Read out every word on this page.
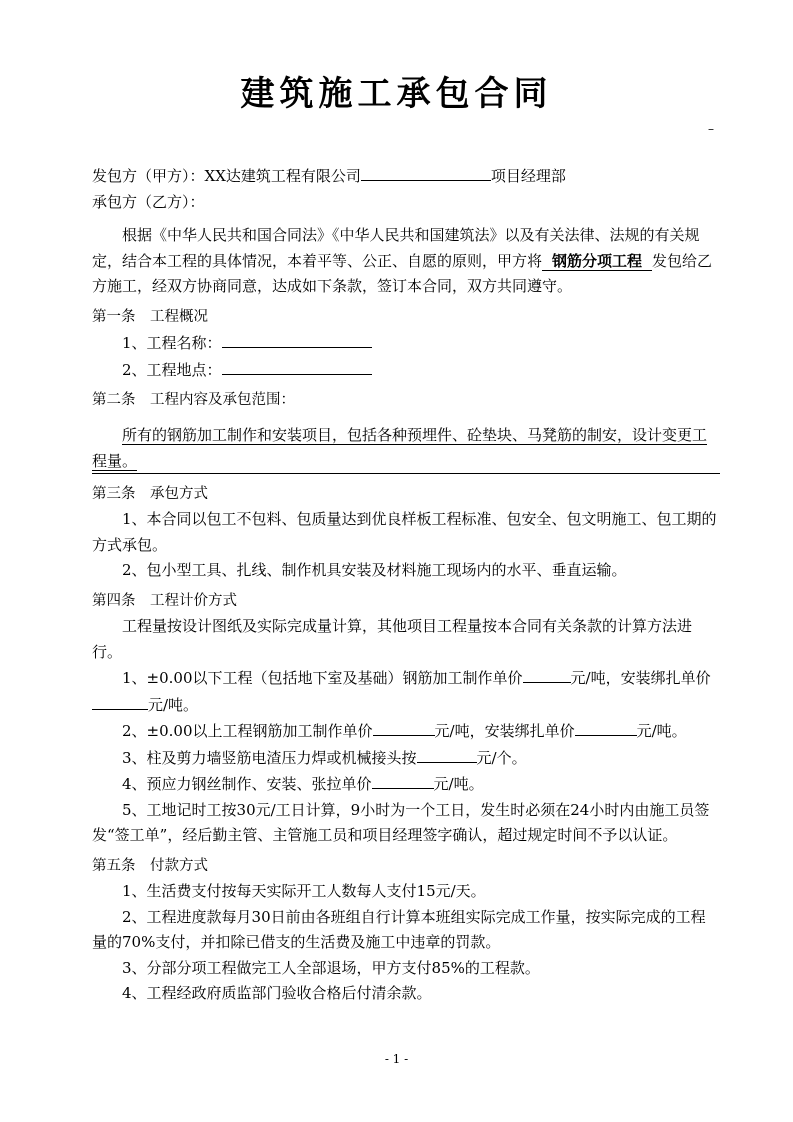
建筑施工承包合同
–

发包方（甲方）：XX达建筑工程有限公司	项目经理部

承包方（乙方）：

根据《中华人民共和国合同法》《中华人民共和国建筑法》以及有关法律、法规的有关规定，结合本工程的具体情况，本着平等、公正、自愿的原则，甲方将 钢筋分项工程 发包给乙方施工，经双方协商同意，达成如下条款，签订本合同，双方共同遵守。

第一条　工程概况

1、工程名称：

2、工程地点：

第二条　工程内容及承包范围：

所有的钢筋加工制作和安装项目，包括各种预埋件、砼垫块、马凳筋的制安，设计变更工程量。

第三条　承包方式

1、本合同以包工不包料、包质量达到优良样板工程标准、包安全、包文明施工、包工期的方式承包。

2、包小型工具、扎线、制作机具安装及材料施工现场内的水平、垂直运输。

第四条　工程计价方式

工程量按设计图纸及实际完成量计算，其他项目工程量按本合同有关条款的计算方法进行。

1、±0.00以下工程（包括地下室及基础）钢筋加工制作单价	元/吨，安装绑扎单价元/吨。

2、±0.00以上工程钢筋加工制作单价	元/吨，安装绑扎单价	元/吨。

3、柱及剪力墙竖筋电渣压力焊或机械接头按	元/个。

4、预应力钢丝制作、安装、张拉单价	元/吨。

5、工地记时工按30元/工日计算，9小时为一个工日，发生时必须在24小时内由施工员签发“签工单”，经后勤主管、主管施工员和项目经理签字确认，超过规定时间不予以认证。

第五条　付款方式

1、生活费支付按每天实际开工人数每人支付15元/天。

2、工程进度款每月30日前由各班组自行计算本班组实际完成工作量，按实际完成的工程量的70%支付，并扣除已借支的生活费及施工中违章的罚款。

3、分部分项工程做完工人全部退场，甲方支付85%的工程款。

4、工程经政府质监部门验收合格后付清余款。

- 1 -
